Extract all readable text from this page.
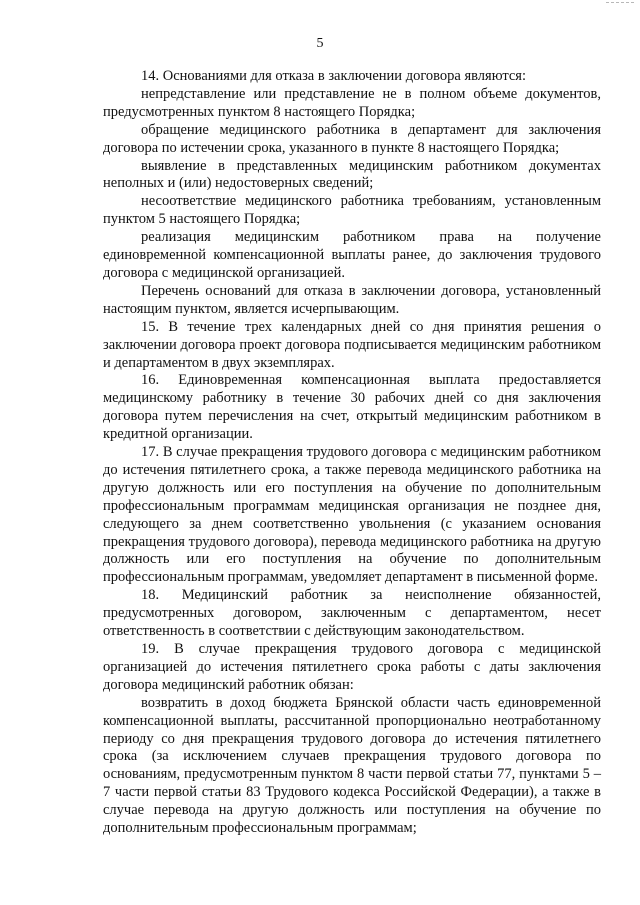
5

14. Основаниями для отказа в заключении договора являются:

непредставление или представление не в полном объеме документов, предусмотренных пунктом 8 настоящего Порядка;

обращение медицинского работника в департамент для заключения договора по истечении срока, указанного в пункте 8 настоящего Порядка;

выявление в представленных медицинским работником документах неполных и (или) недостоверных сведений;

несоответствие медицинского работника требованиям, установленным пунктом 5 настоящего Порядка;

реализация медицинским работником права на получение единовременной компенсационной выплаты ранее, до заключения трудового договора с медицинской организацией.

Перечень оснований для отказа в заключении договора, установленный настоящим пунктом, является исчерпывающим.

15. В течение трех календарных дней со дня принятия решения о заключении договора проект договора подписывается медицинским работником и департаментом в двух экземплярах.

16. Единовременная компенсационная выплата предоставляется медицинскому работнику в течение 30 рабочих дней со дня заключения договора путем перечисления на счет, открытый медицинским работником в кредитной организации.

17. В случае прекращения трудового договора с медицинским работником до истечения пятилетнего срока, а также перевода медицинского работника на другую должность или его поступления на обучение по дополнительным профессиональным программам медицинская организация не позднее дня, следующего за днем соответственно увольнения (с указанием основания прекращения трудового договора), перевода медицинского работника на другую должность или его поступления на обучение по дополнительным профессиональным программам, уведомляет департамент в письменной форме.

18. Медицинский работник за неисполнение обязанностей, предусмотренных договором, заключенным с департаментом, несет ответственность в соответствии с действующим законодательством.

19. В случае прекращения трудового договора с медицинской организацией до истечения пятилетнего срока работы с даты заключения договора медицинский работник обязан:

возвратить в доход бюджета Брянской области часть единовременной компенсационной выплаты, рассчитанной пропорционально неотработанному периоду со дня прекращения трудового договора до истечения пятилетнего срока (за исключением случаев прекращения трудового договора по основаниям, предусмотренным пунктом 8 части первой статьи 77, пунктами 5 – 7 части первой статьи 83 Трудового кодекса Российской Федерации), а также в случае перевода на другую должность или поступления на обучение по дополнительным профессиональным программам;
